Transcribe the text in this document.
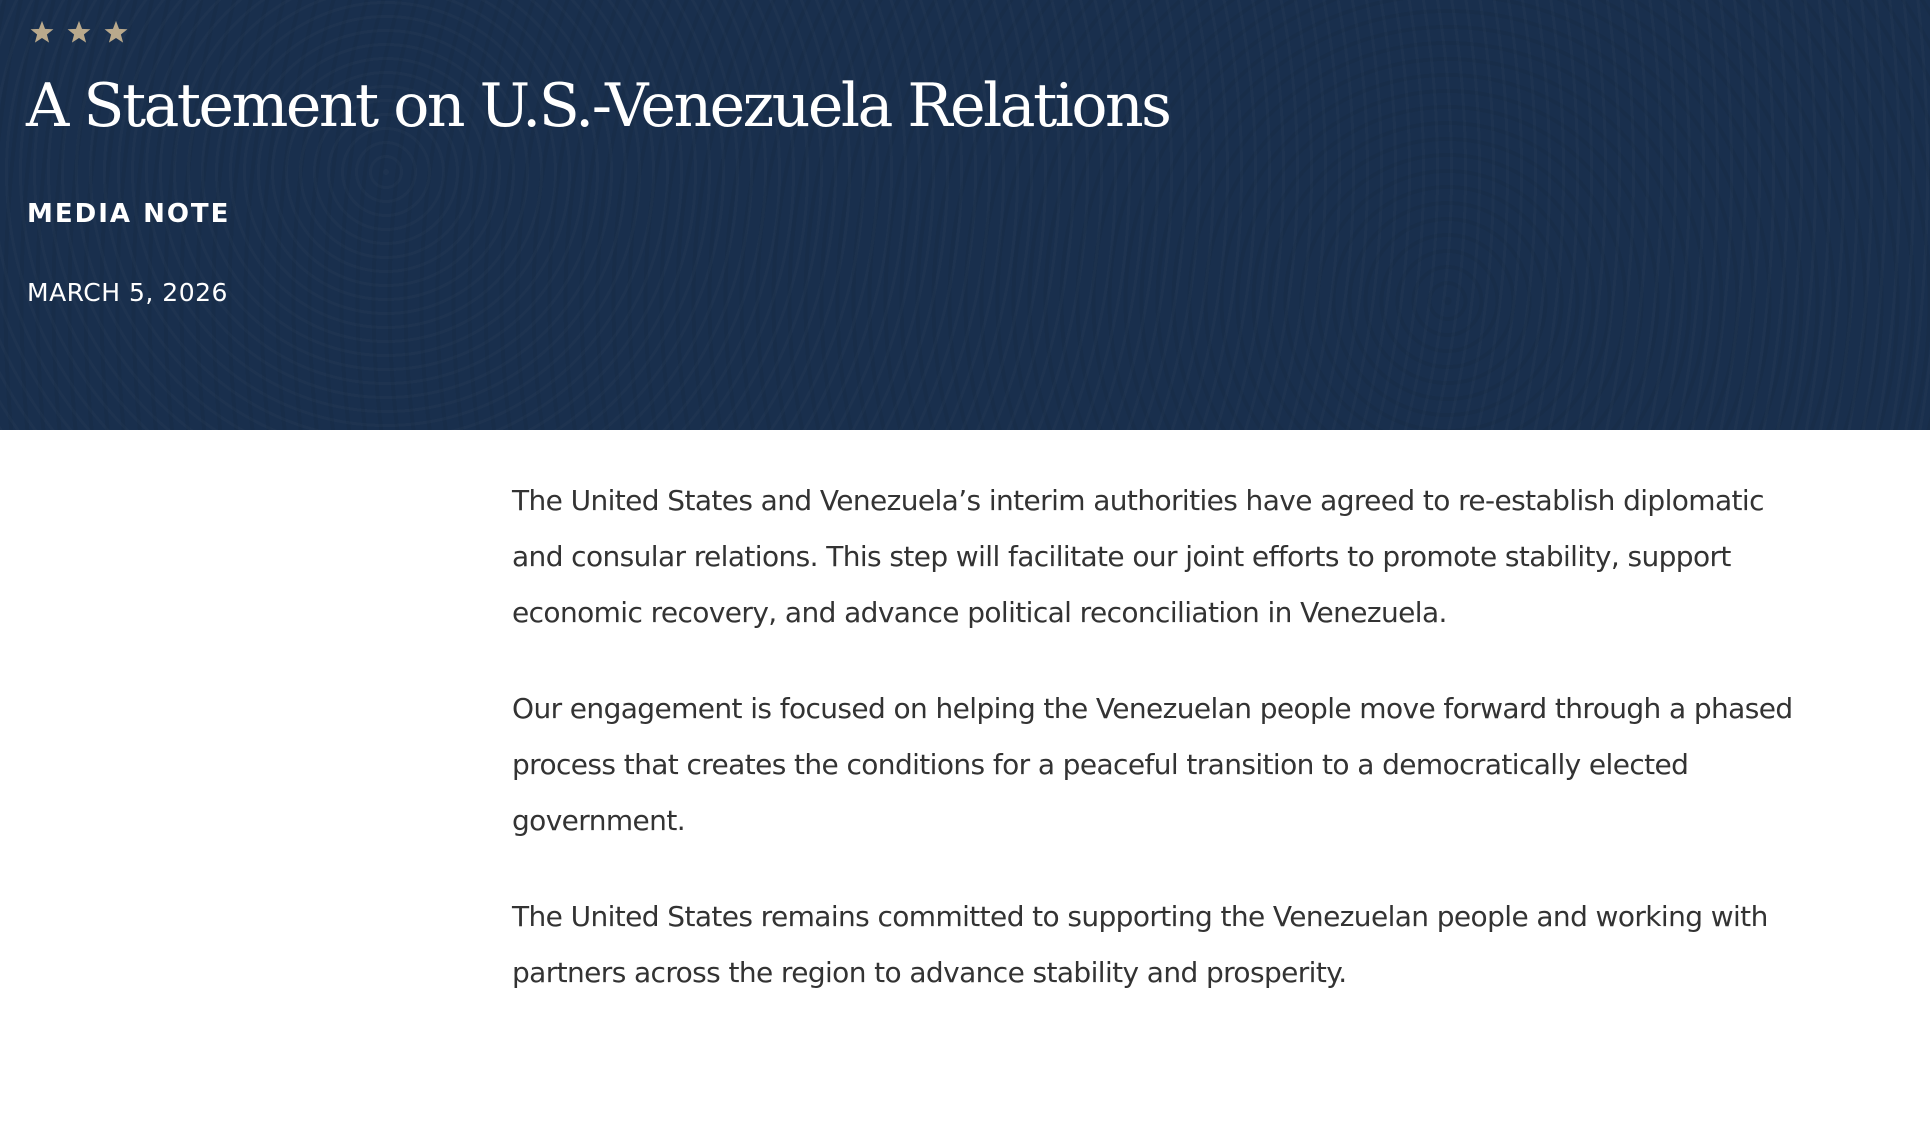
A Statement on U.S.-Venezuela Relations
MEDIA NOTE
MARCH 5, 2026

The United States and Venezuela’s interim authorities have agreed to re-establish diplomatic and consular relations. This step will facilitate our joint efforts to promote stability, support economic recovery, and advance political reconciliation in Venezuela.

Our engagement is focused on helping the Venezuelan people move forward through a phased process that creates the conditions for a peaceful transition to a democratically elected government.

The United States remains committed to supporting the Venezuelan people and working with partners across the region to advance stability and prosperity.
